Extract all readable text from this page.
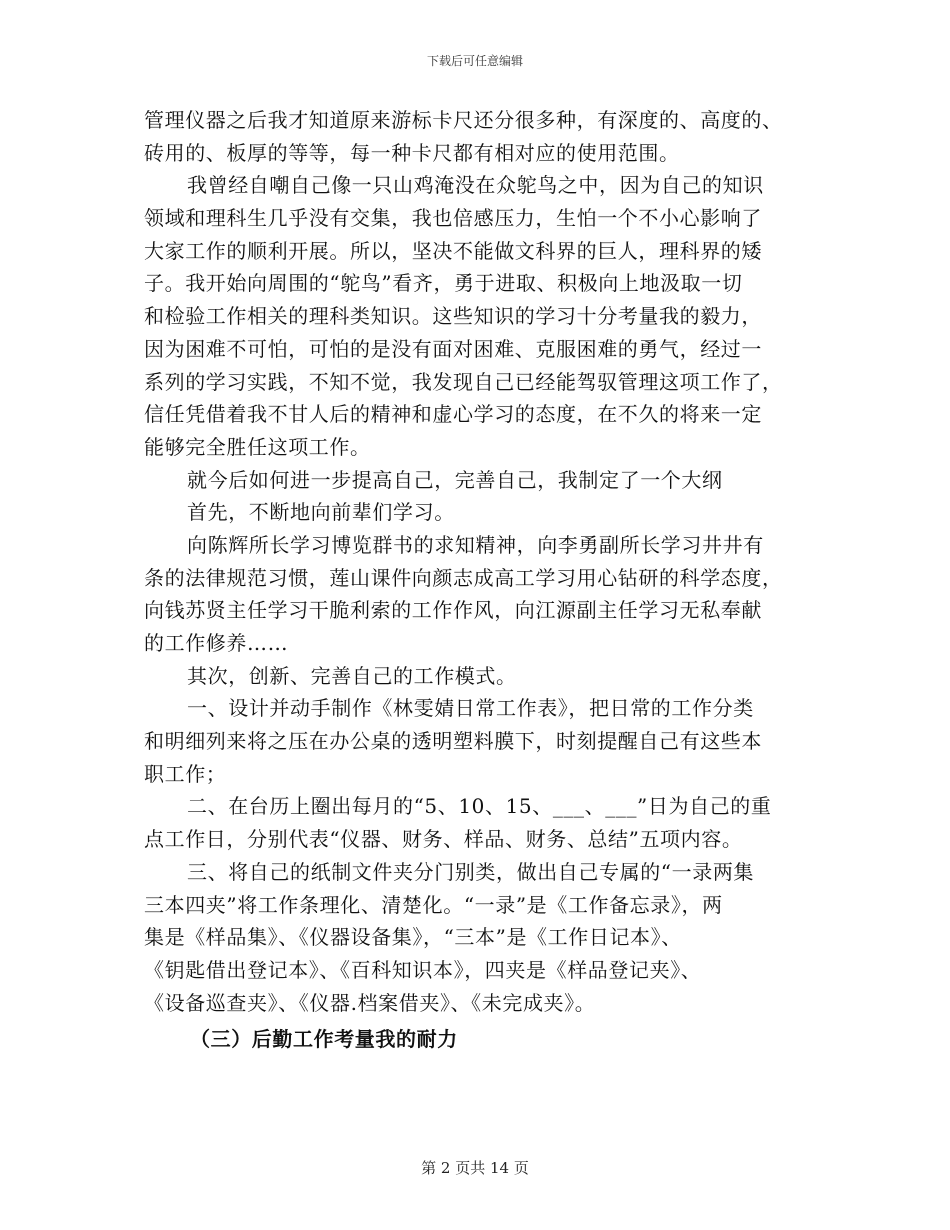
下载后可任意编辑
管理仪器之后我才知道原来游标卡尺还分很多种，有深度的、高度的、
砖用的、板厚的等等，每一种卡尺都有相对应的使用范围。
我曾经自嘲自己像一只山鸡淹没在众鸵鸟之中，因为自己的知识
领域和理科生几乎没有交集，我也倍感压力，生怕一个不小心影响了
大家工作的顺利开展。所以，坚决不能做文科界的巨人，理科界的矮
子。我开始向周围的“鸵鸟”看齐，勇于进取、积极向上地汲取一切
和检验工作相关的理科类知识。这些知识的学习十分考量我的毅力，
因为困难不可怕，可怕的是没有面对困难、克服困难的勇气，经过一
系列的学习实践，不知不觉，我发现自己已经能驾驭管理这项工作了，
信任凭借着我不甘人后的精神和虚心学习的态度，在不久的将来一定
能够完全胜任这项工作。
就今后如何进一步提高自己，完善自己，我制定了一个大纲
首先，不断地向前辈们学习。
向陈辉所长学习博览群书的求知精神，向李勇副所长学习井井有
条的法律规范习惯，莲山课件向颜志成高工学习用心钻研的科学态度，
向钱苏贤主任学习干脆利索的工作作风，向江源副主任学习无私奉献
的工作修养……
其次，创新、完善自己的工作模式。
一、设计并动手制作《林雯婧日常工作表》，把日常的工作分类
和明细列来将之压在办公桌的透明塑料膜下，时刻提醒自己有这些本
职工作；
二、在台历上圈出每月的“5、10、15、___、___”日为自己的重
点工作日，分别代表“仪器、财务、样品、财务、总结”五项内容。
三、将自己的纸制文件夹分门别类，做出自己专属的“一录两集
三本四夹”将工作条理化、清楚化。“一录”是《工作备忘录》，两
集是《样品集》、《仪器设备集》，“三本”是《工作日记本》、
《钥匙借出登记本》、《百科知识本》，四夹是《样品登记夹》、
《设备巡查夹》、《仪器.档案借夹》、《未完成夹》。
（三）后勤工作考量我的耐力
第 2 页共 14 页
